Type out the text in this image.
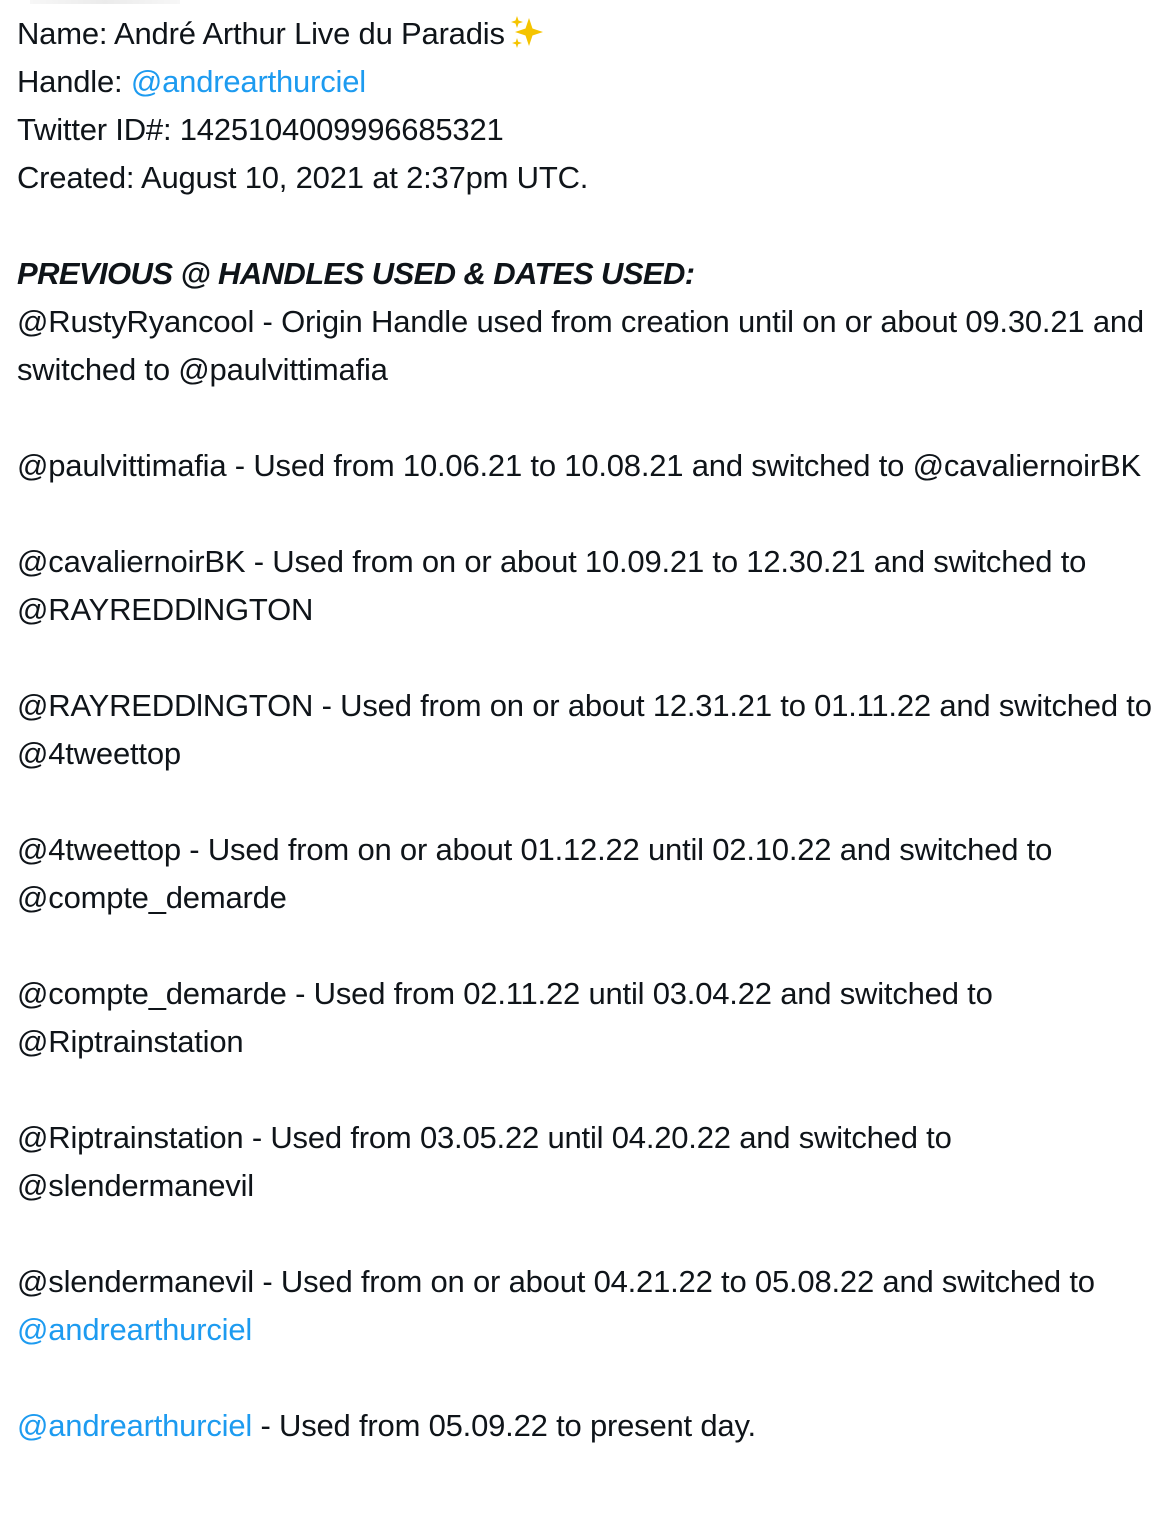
Name: André Arthur Live du Paradis
Handle: @andrearthurciel
Twitter ID#: 1425104009996685321
Created: August 10, 2021 at 2:37pm UTC.
PREVIOUS @ HANDLES USED & DATES USED:
@RustyRyancool - Origin Handle used from creation until on or about 09.30.21 and switched to @paulvittimafia
@paulvittimafia - Used from 10.06.21 to 10.08.21 and switched to @cavaliernoirBK
@cavaliernoirBK - Used from on or about 10.09.21 to 12.30.21 and switched to @RAYREDDlNGTON
@RAYREDDlNGTON - Used from on or about 12.31.21 to 01.11.22 and switched to @4tweettop
@4tweettop - Used from on or about 01.12.22 until 02.10.22 and switched to @compte_demarde
@compte_demarde - Used from 02.11.22 until 03.04.22 and switched to @Riptrainstation
@Riptrainstation - Used from 03.05.22 until 04.20.22 and switched to @slendermanevil
@slendermanevil - Used from on or about 04.21.22 to 05.08.22 and switched to @andrearthurciel
@andrearthurciel - Used from 05.09.22 to present day.
